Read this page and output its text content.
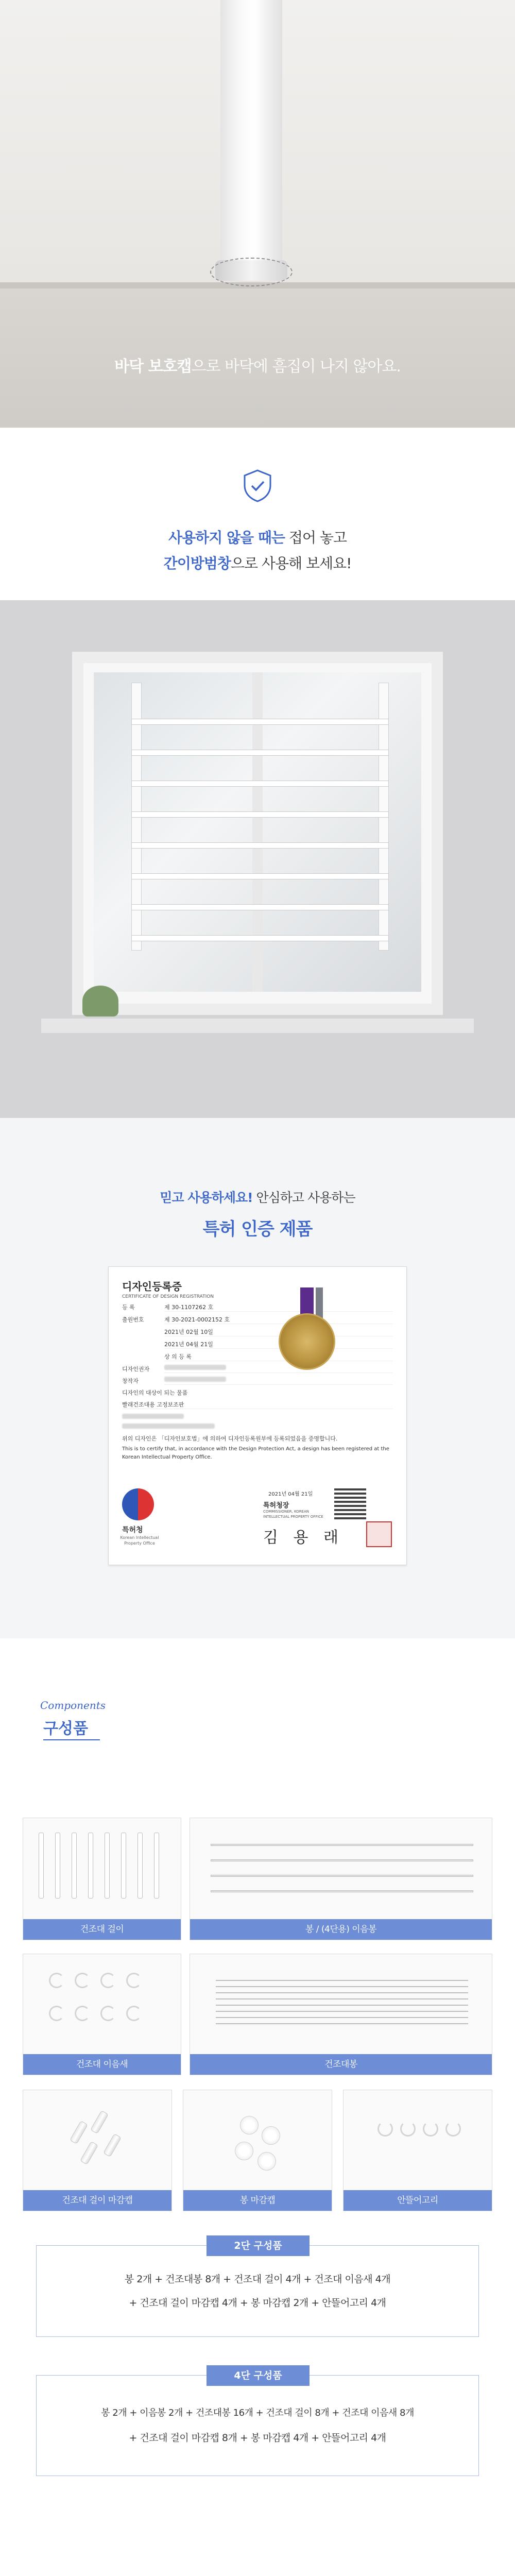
바닥 보호캡으로 바닥에 흠집이 나지 않아요.
사용하지 않을 때는 접어 놓고
간이방범창으로 사용해 보세요!
믿고 사용하세요! 안심하고 사용하는
특허 인증 제품
디자인등록증
CERTIFICATE OF DESIGN REGISTRATION
등 록	제 30-1107262 호
출원번호	제 30-2021-0002152 호
2021년 02월 10일
2021년 04월 21일
상 의 등 록
디자인권자
창작자
디자인의 대상이 되는 물품
빨래건조대용 고정보조판
위의 디자인은 「디자인보호법」에 의하여 디자인등록원부에 등록되었음을 증명합니다.
This is to certify that, in accordance with the Design Protection Act, a design has been registered at the Korean Intellectual Property Office.
특허청
Korean Intellectual Property Office
2021년 04월 21일
특허청장
COMMISSIONER, KOREAN INTELLECTUAL PROPERTY OFFICE
김 용 래
Components
구성품
건조대 걸이	봉 / (4단용) 이음봉
건조대 이음새	건조대봉
건조대 걸이 마감캡	봉 마감캡	안뜰어고리
2단 구성품
봉 2개 + 건조대봉 8개 + 건조대 걸이 4개 + 건조대 이음새 4개
+ 건조대 걸이 마감캡 4개 + 봉 마감캡 2개 + 안뜰어고리 4개
4단 구성품
봉 2개 + 이음봉 2개 + 건조대봉 16개 + 건조대 걸이 8개 + 건조대 이음새 8개
+ 건조대 걸이 마감캡 8개 + 봉 마감캡 4개 + 안뜰어고리 4개
